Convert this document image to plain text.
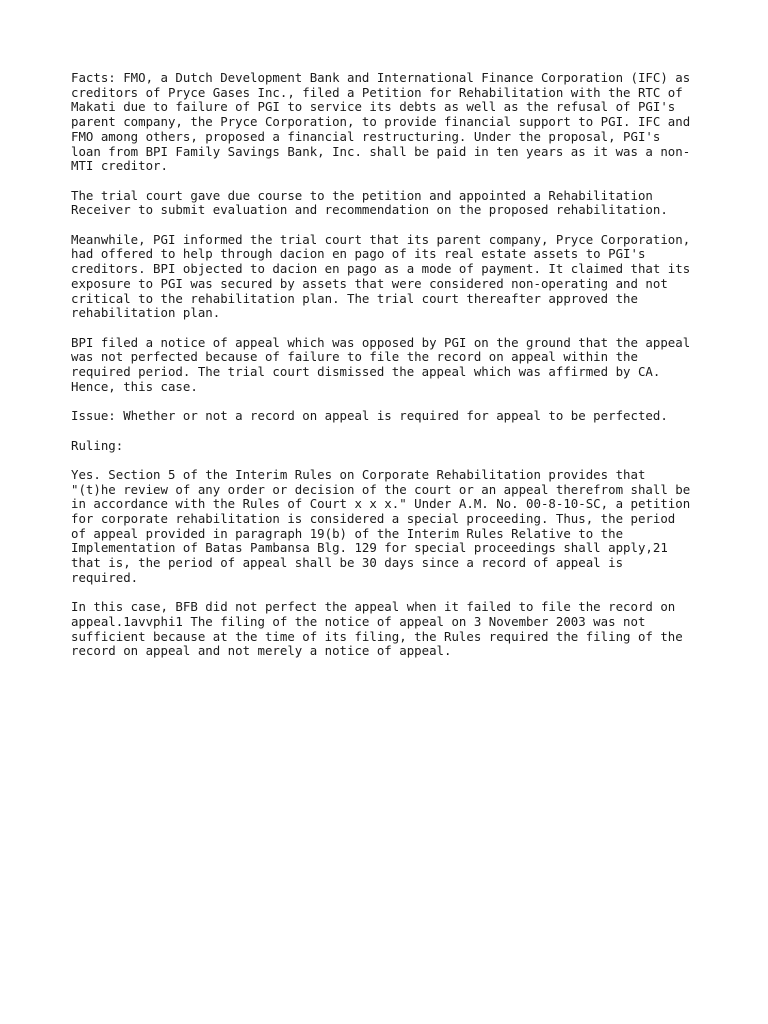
Facts: FMO, a Dutch Development Bank and International Finance Corporation (IFC) as
creditors of Pryce Gases Inc., filed a Petition for Rehabilitation with the RTC of
Makati due to failure of PGI to service its debts as well as the refusal of PGI's
parent company, the Pryce Corporation, to provide financial support to PGI. IFC and
FMO among others, proposed a financial restructuring. Under the proposal, PGI's
loan from BPI Family Savings Bank, Inc. shall be paid in ten years as it was a non-
MTI creditor.

The trial court gave due course to the petition and appointed a Rehabilitation
Receiver to submit evaluation and recommendation on the proposed rehabilitation.

Meanwhile, PGI informed the trial court that its parent company, Pryce Corporation,
had offered to help through dacion en pago of its real estate assets to PGI's
creditors. BPI objected to dacion en pago as a mode of payment. It claimed that its
exposure to PGI was secured by assets that were considered non-operating and not
critical to the rehabilitation plan. The trial court thereafter approved the
rehabilitation plan.

BPI filed a notice of appeal which was opposed by PGI on the ground that the appeal
was not perfected because of failure to file the record on appeal within the
required period. The trial court dismissed the appeal which was affirmed by CA.
Hence, this case.

Issue: Whether or not a record on appeal is required for appeal to be perfected.

Ruling:

Yes. Section 5 of the Interim Rules on Corporate Rehabilitation provides that
"(t)he review of any order or decision of the court or an appeal therefrom shall be
in accordance with the Rules of Court x x x." Under A.M. No. 00-8-10-SC, a petition
for corporate rehabilitation is considered a special proceeding. Thus, the period
of appeal provided in paragraph 19(b) of the Interim Rules Relative to the
Implementation of Batas Pambansa Blg. 129 for special proceedings shall apply,21
that is, the period of appeal shall be 30 days since a record of appeal is
required.

In this case, BFB did not perfect the appeal when it failed to file the record on
appeal.1avvphi1 The filing of the notice of appeal on 3 November 2003 was not
sufficient because at the time of its filing, the Rules required the filing of the
record on appeal and not merely a notice of appeal.
